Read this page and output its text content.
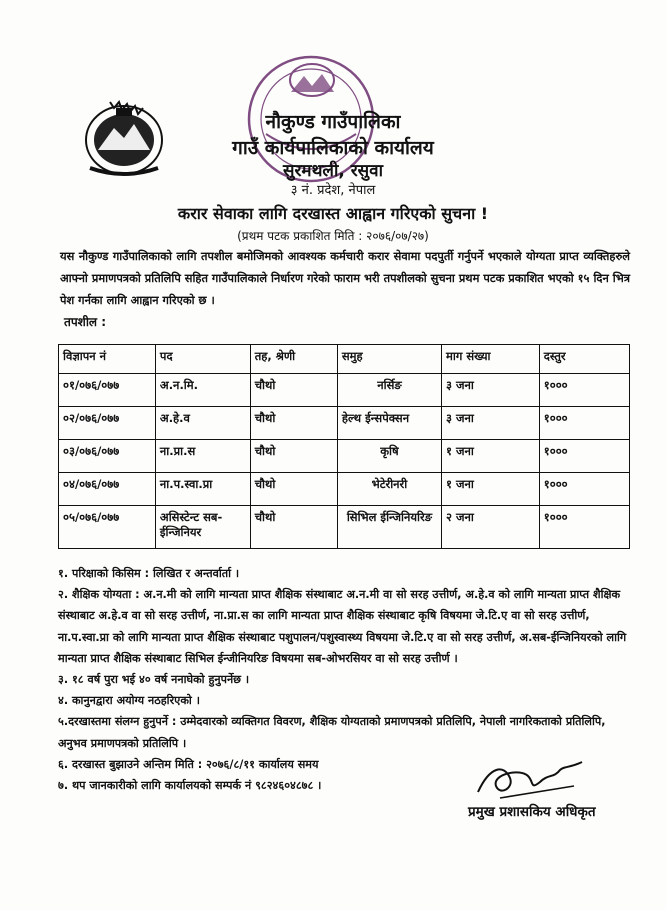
नौकुण्ड गाउँपालिका
गाउँ कार्यपालिकाको कार्यालय
सुरमथली, रसुवा
३ नं. प्रदेश, नेपाल
करार सेवाका लागि दरखास्त आह्वान गरिएको सुचना !
(प्रथम पटक प्रकाशित मिति : २०७६/०७/२७)
यस नौकुण्ड गाउँपालिकाको लागि तपशील बमोजिमको आवश्यक कर्मचारी करार सेवामा पदपुर्ती गर्नुपर्ने भएकाले योग्यता प्राप्त व्यक्तिहरुले आफ्नो प्रमाणपत्रको प्रतिलिपि सहित गाउँपालिकाले निर्धारण गरेको फाराम भरी तपशीलको सुचना प्रथम पटक प्रकाशित भएको १५ दिन भित्र पेश गर्नका लागि आह्वान गरिएको छ ।
तपशील :
विज्ञापन नं	पद	तह, श्रेणी	समुह	माग संख्या	दस्तुर
०१/०७६/०७७	अ.न.मि.	चौथो	नर्सिङ	३ जना	१०००
०२/०७६/०७७	अ.हे.व	चौथो	हेल्थ ईन्सपेक्सन	३ जना	१०००
०३/०७६/०७७	ना.प्रा.स	चौथो	कृषि	१ जना	१०००
०४/०७६/०७७	ना.प.स्वा.प्रा	चौथो	भेटेरीनरी	१ जना	१०००
०५/०७६/०७७	असिस्टेन्ट सब-ईन्जिनियर	चौथो	सिभिल ईन्जिनियरिङ	२ जना	१०००

१. परिक्षाको किसिम : लिखित र अन्तर्वार्ता ।

२. शैक्षिक योग्यता : अ.न.मी को लागि मान्यता प्राप्त शैक्षिक संस्थाबाट अ.न.मी वा सो सरह उत्तीर्ण, अ.हे.व को लागि मान्यता प्राप्त शैक्षिक संस्थाबाट अ.हे.व वा सो सरह उत्तीर्ण, ना.प्रा.स का लागि मान्यता प्राप्त शैक्षिक संस्थाबाट कृषि विषयमा जे.टि.ए वा सो सरह उत्तीर्ण, ना.प.स्वा.प्रा को लागि मान्यता प्राप्त शैक्षिक संस्थाबाट पशुपालन/पशुस्वास्थ्य विषयमा जे.टि.ए वा सो सरह उत्तीर्ण, अ.सब-ईन्जिनियरको लागि मान्यता प्राप्त शैक्षिक संस्थाबाट सिभिल ईन्जीनियरिङ विषयमा सब-ओभरसियर वा सो सरह उत्तीर्ण ।

३. १८ वर्ष पुरा भई ४० वर्ष ननाघेको हुनुपर्नेछ ।

४. कानुनद्वारा अयोग्य नठहरिएको ।

५.दरखास्तमा संलग्न हुनुपर्ने : उम्मेदवारको व्यक्तिगत विवरण, शैक्षिक योग्यताको प्रमाणपत्रको प्रतिलिपि, नेपाली नागरिकताको प्रतिलिपि, अनुभव प्रमाणपत्रको प्रतिलिपि ।

६. दरखास्त बुझाउने अन्तिम मिति : २०७६/८/११ कार्यालय समय

७. थप जानकारीको लागि कार्यालयको सम्पर्क नं ९८२४६०४८७८ ।

प्रमुख प्रशासकिय अधिकृत
